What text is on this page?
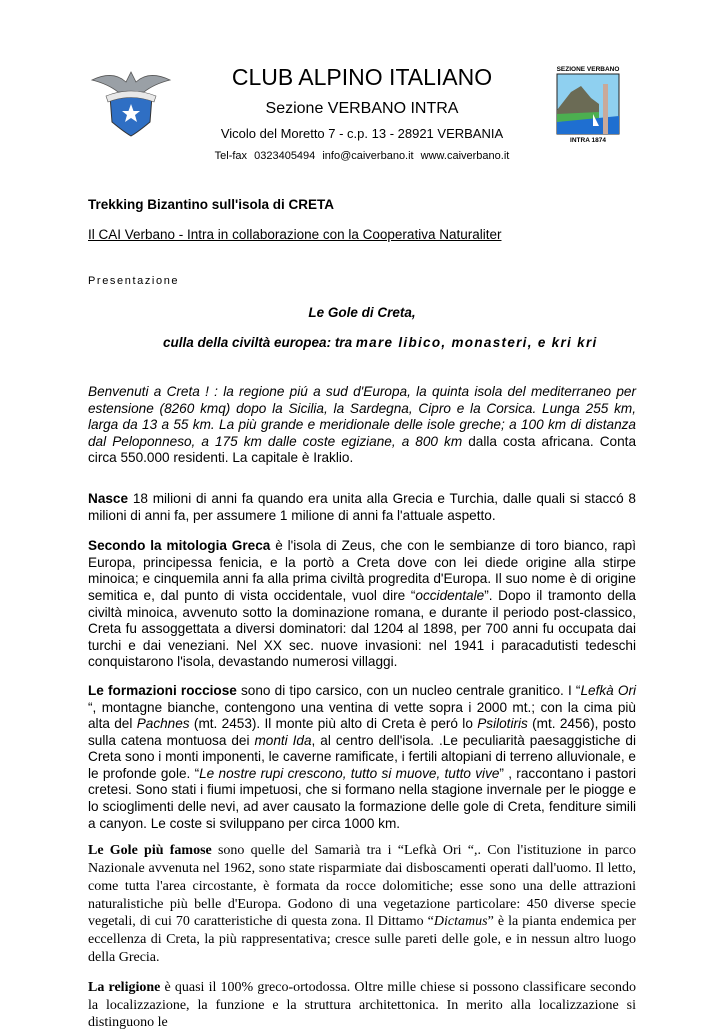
CLUB ALPINO ITALIANO
Sezione VERBANO INTRA
Vicolo del Moretto 7 - c.p. 13 - 28921 VERBANIA
Tel-fax 0323405494 info@caiverbano.it www.caiverbano.it
SEZIONE VERBANO
INTRA 1874
Trekking Bizantino sull'isola di CRETA
Il CAI Verbano - Intra in collaborazione con la Cooperativa Naturaliter
Presentazione
Le Gole di Creta,
culla della civiltà europea: tra mare libico, monasteri, e kri kri

Benvenuti a Creta ! : la regione piú a sud d'Europa, la quinta isola del mediterraneo per estensione (8260 kmq) dopo la Sicilia, la Sardegna, Cipro e la Corsica. Lunga 255 km, larga da 13 a 55 km. La più grande e meridionale delle isole greche; a 100 km di distanza dal Peloponneso, a 175 km dalle coste egiziane, a 800 km dalla costa africana. Conta circa 550.000 residenti. La capitale è Iraklio.

Nasce 18 milioni di anni fa quando era unita alla Grecia e Turchia, dalle quali si staccó 8 milioni di anni fa, per assumere 1 milione di anni fa l'attuale aspetto.

Secondo la mitologia Greca è l'isola di Zeus, che con le sembianze di toro bianco, rapì Europa, principessa fenicia, e la portò a Creta dove con lei diede origine alla stirpe minoica; e cinquemila anni fa alla prima civiltà progredita d'Europa. Il suo nome è di origine semitica e, dal punto di vista occidentale, vuol dire “occidentale”. Dopo il tramonto della civiltà minoica, avvenuto sotto la dominazione romana, e durante il periodo post-classico, Creta fu assoggettata a diversi dominatori: dal 1204 al 1898, per 700 anni fu occupata dai turchi e dai veneziani. Nel XX sec. nuove invasioni: nel 1941 i paracadutisti tedeschi conquistarono l'isola, devastando numerosi villaggi.

Le formazioni rocciose sono di tipo carsico, con un nucleo centrale granitico. I “Lefkà Ori “, montagne bianche, contengono una ventina di vette sopra i 2000 mt.; con la cima più alta del Pachnes (mt. 2453). Il monte più alto di Creta è peró lo Psilotiris (mt. 2456), posto sulla catena montuosa dei monti Ida, al centro dell'isola. .Le peculiarità paesaggistiche di Creta sono i monti imponenti, le caverne ramificate, i fertili altopiani di terreno alluvionale, e le profonde gole. “Le nostre rupi crescono, tutto si muove, tutto vive” , raccontano i pastori cretesi. Sono stati i fiumi impetuosi, che si formano nella stagione invernale per le piogge e lo scioglimenti delle nevi, ad aver causato la formazione delle gole di Creta, fenditure simili a canyon. Le coste si sviluppano per circa 1000 km.

Le Gole più famose sono quelle del Samarià tra i “Lefkà Ori “,. Con l'istituzione in parco Nazionale avvenuta nel 1962, sono state risparmiate dai disboscamenti operati dall'uomo. Il letto, come tutta l'area circostante, è formata da rocce dolomitiche; esse sono una delle attrazioni naturalistiche più belle d'Europa. Godono di una vegetazione particolare: 450 diverse specie vegetali, di cui 70 caratteristiche di questa zona. Il Dittamo “Dictamus” è la pianta endemica per eccellenza di Creta, la più rappresentativa; cresce sulle pareti delle gole, e in nessun altro luogo della Grecia.

La religione è quasi il 100% greco-ortodossa. Oltre mille chiese si possono classificare secondo la localizzazione, la funzione e la struttura architettonica. In merito alla localizzazione si distinguono le
